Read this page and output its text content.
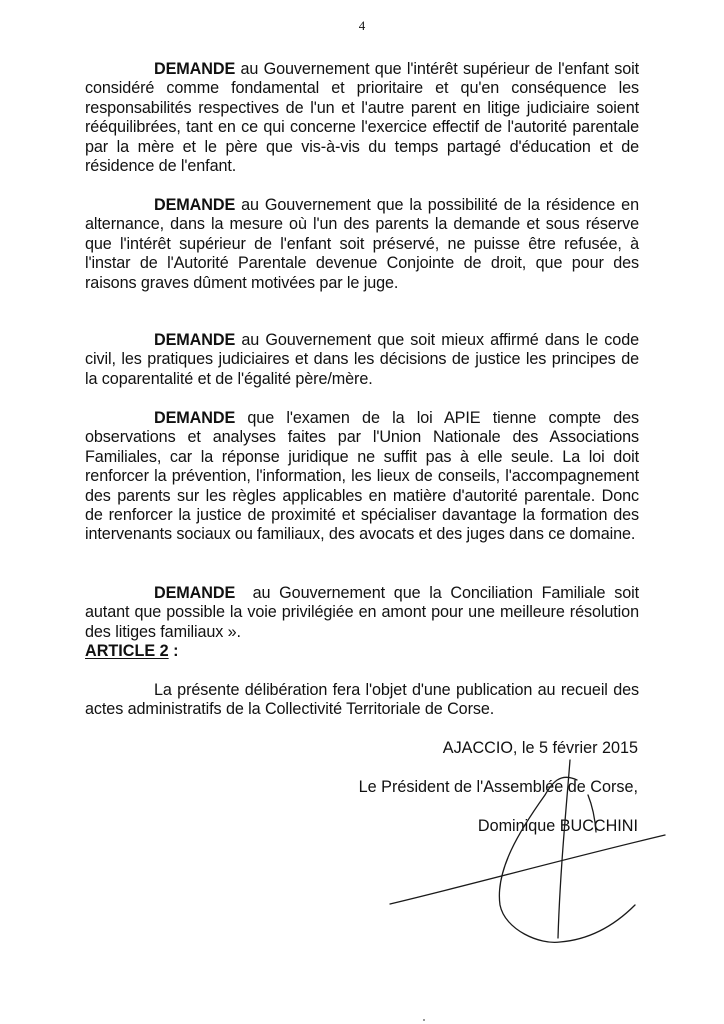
4
DEMANDE au Gouvernement que l'intérêt supérieur de l'enfant soit considéré comme fondamental et prioritaire et qu'en conséquence les responsabilités respectives de l'un et l'autre parent en litige judiciaire soient rééquilibrées, tant en ce qui concerne l'exercice effectif de l'autorité parentale par la mère et le père que vis-à-vis du temps partagé d'éducation et de résidence de l'enfant.
DEMANDE au Gouvernement que la possibilité de la résidence en alternance, dans la mesure où l'un des parents la demande et sous réserve que l'intérêt supérieur de l'enfant soit préservé, ne puisse être refusée, à l'instar de l'Autorité Parentale devenue Conjointe de droit, que pour des raisons graves dûment motivées par le juge.
DEMANDE au Gouvernement que soit mieux affirmé dans le code civil, les pratiques judiciaires et dans les décisions de justice les principes de la coparentalité et de l'égalité père/mère.
DEMANDE que l'examen de la loi APIE tienne compte des observations et analyses faites par l'Union Nationale des Associations Familiales, car la réponse juridique ne suffit pas à elle seule. La loi doit renforcer la prévention, l'information, les lieux de conseils, l'accompagnement des parents sur les règles applicables en matière d'autorité parentale. Donc de renforcer la justice de proximité et spécialiser davantage la formation des intervenants sociaux ou familiaux, des avocats et des juges dans ce domaine.
DEMANDE  au Gouvernement que la Conciliation Familiale soit autant que possible la voie privilégiée en amont pour une meilleure résolution des litiges familiaux ».
ARTICLE 2 :
La présente délibération fera l'objet d'une publication au recueil des actes administratifs de la Collectivité Territoriale de Corse.
AJACCIO, le 5 février 2015
Le Président de l'Assemblée de Corse,
Dominique BUCCHINI
